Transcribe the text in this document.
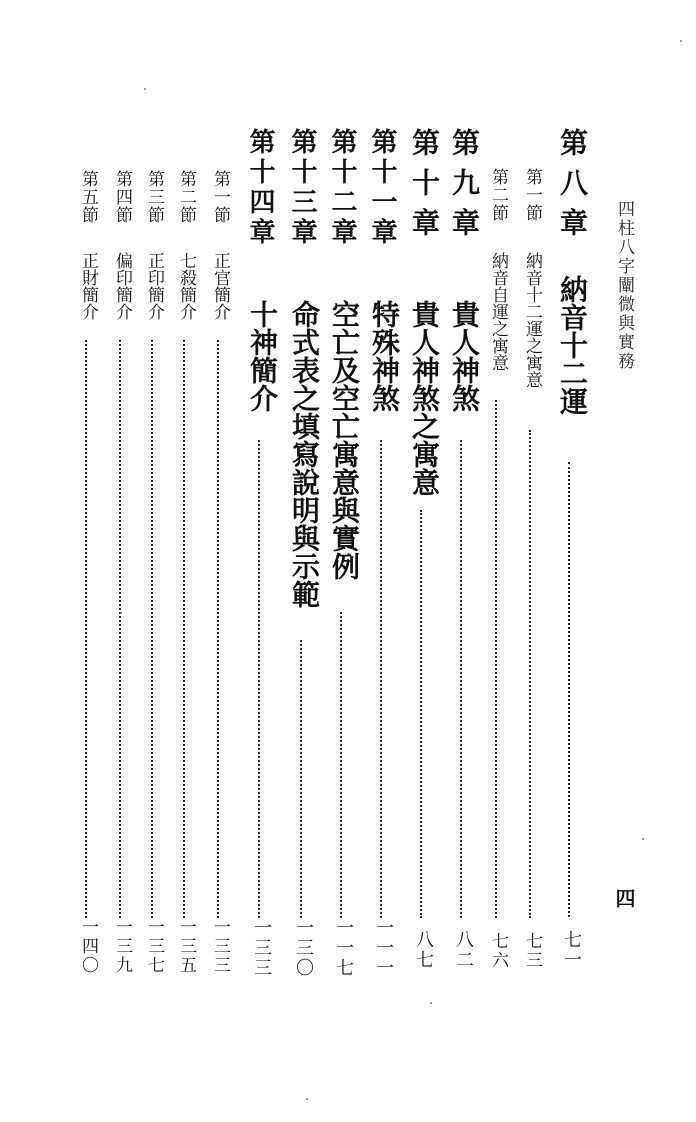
四柱八字闡微與實務
四
第八章
納音十二運
七一
第一節
納音十二運之寓意
七三
第二節
納音自運之寓意
七六
第九章
貴人神煞
八二
第十章
貴人神煞之寓意
八七
第十一章
特殊神煞
一一一
第十二章
空亡及空亡寓意與實例
一一七
第十三章
命式表之填寫說明與示範
一三〇
第十四章
十神簡介
一三三
第一節
正官簡介
一三三
第二節
七殺簡介
一三五
第三節
正印簡介
一三七
第四節
偏印簡介
一三九
第五節
正財簡介
一四〇
